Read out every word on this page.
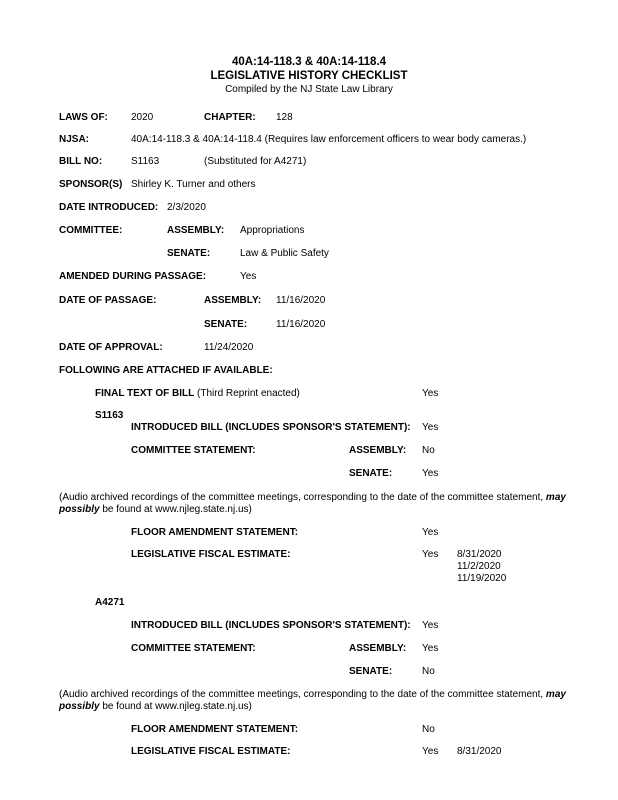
40A:14-118.3 & 40A:14-118.4
LEGISLATIVE HISTORY CHECKLIST
Compiled by the NJ State Law Library
LAWS OF: 2020	CHAPTER: 128
NJSA:	40A:14-118.3 & 40A:14-118.4 (Requires law enforcement officers to wear body cameras.)
BILL NO:	S1163	(Substituted for A4271)
SPONSOR(S) Shirley K. Turner and others
DATE INTRODUCED: 2/3/2020
COMMITTEE:	ASSEMBLY: Appropriations
SENATE:	Law & Public Safety
AMENDED DURING PASSAGE:	Yes
DATE OF PASSAGE:	ASSEMBLY: 11/16/2020
SENATE:	11/16/2020
DATE OF APPROVAL:	11/24/2020
FOLLOWING ARE ATTACHED IF AVAILABLE:
FINAL TEXT OF BILL (Third Reprint enacted)	Yes
S1163
INTRODUCED BILL (INCLUDES SPONSOR'S STATEMENT): Yes
COMMITTEE STATEMENT:	ASSEMBLY: No
SENATE:	Yes
(Audio archived recordings of the committee meetings, corresponding to the date of the committee statement, may possibly be found at www.njleg.state.nj.us)
FLOOR AMENDMENT STATEMENT:	Yes
LEGISLATIVE FISCAL ESTIMATE:	Yes 8/31/2020
11/2/2020
11/19/2020
A4271
INTRODUCED BILL (INCLUDES SPONSOR'S STATEMENT): Yes
COMMITTEE STATEMENT:	ASSEMBLY: Yes
SENATE:	No
(Audio archived recordings of the committee meetings, corresponding to the date of the committee statement, may possibly be found at www.njleg.state.nj.us)
FLOOR AMENDMENT STATEMENT:	No
LEGISLATIVE FISCAL ESTIMATE:	Yes 8/31/2020
